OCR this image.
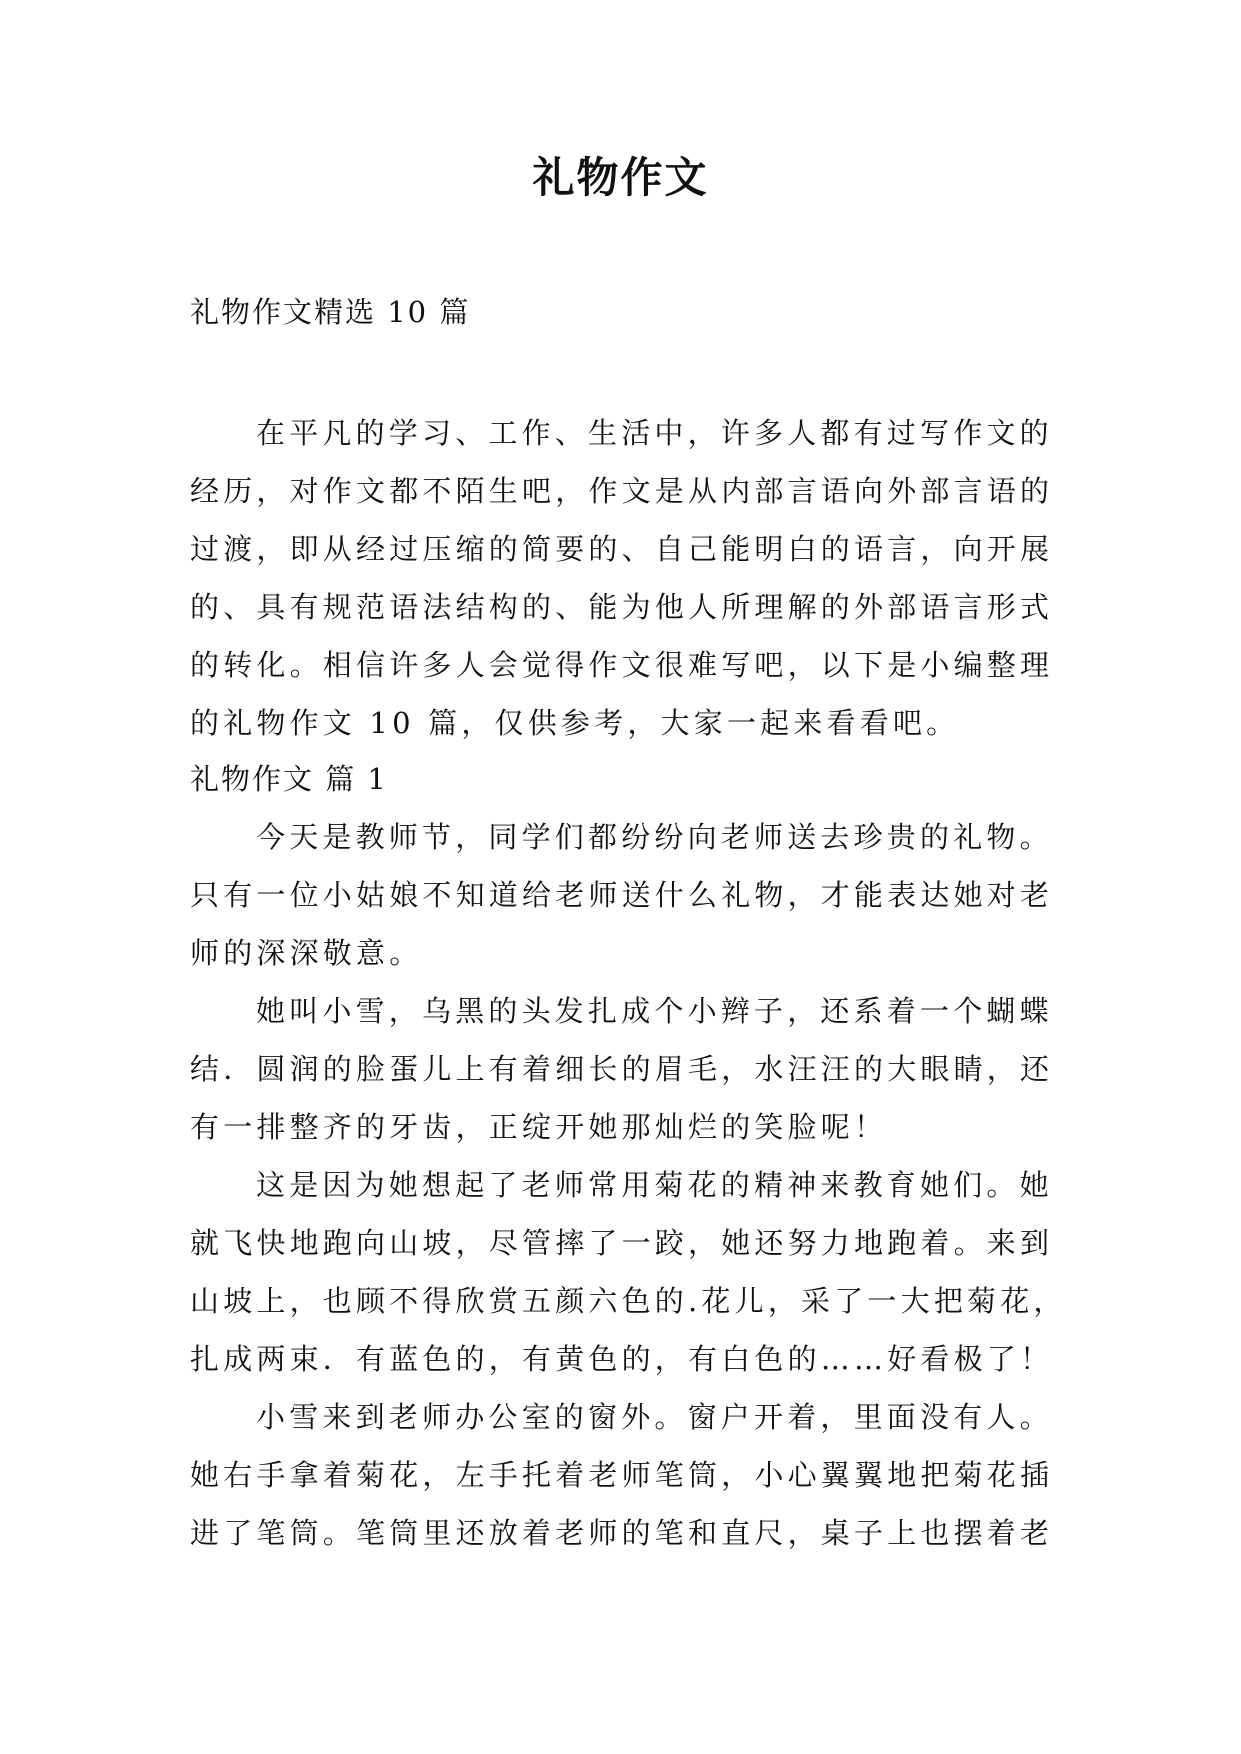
礼物作文

礼物作文精选 10 篇

在平凡的学习、工作、生活中，许多人都有过写作文的经历，对作文都不陌生吧，作文是从内部言语向外部言语的过渡，即从经过压缩的简要的、自己能明白的语言，向开展的、具有规范语法结构的、能为他人所理解的外部语言形式的转化。相信许多人会觉得作文很难写吧，以下是小编整理的礼物作文 10 篇，仅供参考，大家一起来看看吧。

礼物作文 篇 1

今天是教师节，同学们都纷纷向老师送去珍贵的礼物。只有一位小姑娘不知道给老师送什么礼物，才能表达她对老师的深深敬意。

她叫小雪，乌黑的头发扎成个小辫子，还系着一个蝴蝶结．圆润的脸蛋儿上有着细长的眉毛，水汪汪的大眼睛，还有一排整齐的牙齿，正绽开她那灿烂的笑脸呢！

这是因为她想起了老师常用菊花的精神来教育她们。她就飞快地跑向山坡，尽管摔了一跤，她还努力地跑着。来到山坡上，也顾不得欣赏五颜六色的.花儿，采了一大把菊花，扎成两束．有蓝色的，有黄色的，有白色的……好看极了！

小雪来到老师办公室的窗外。窗户开着，里面没有人。她右手拿着菊花，左手托着老师笔筒，小心翼翼地把菊花插进了笔筒。笔筒里还放着老师的笔和直尺，桌子上也摆着老
